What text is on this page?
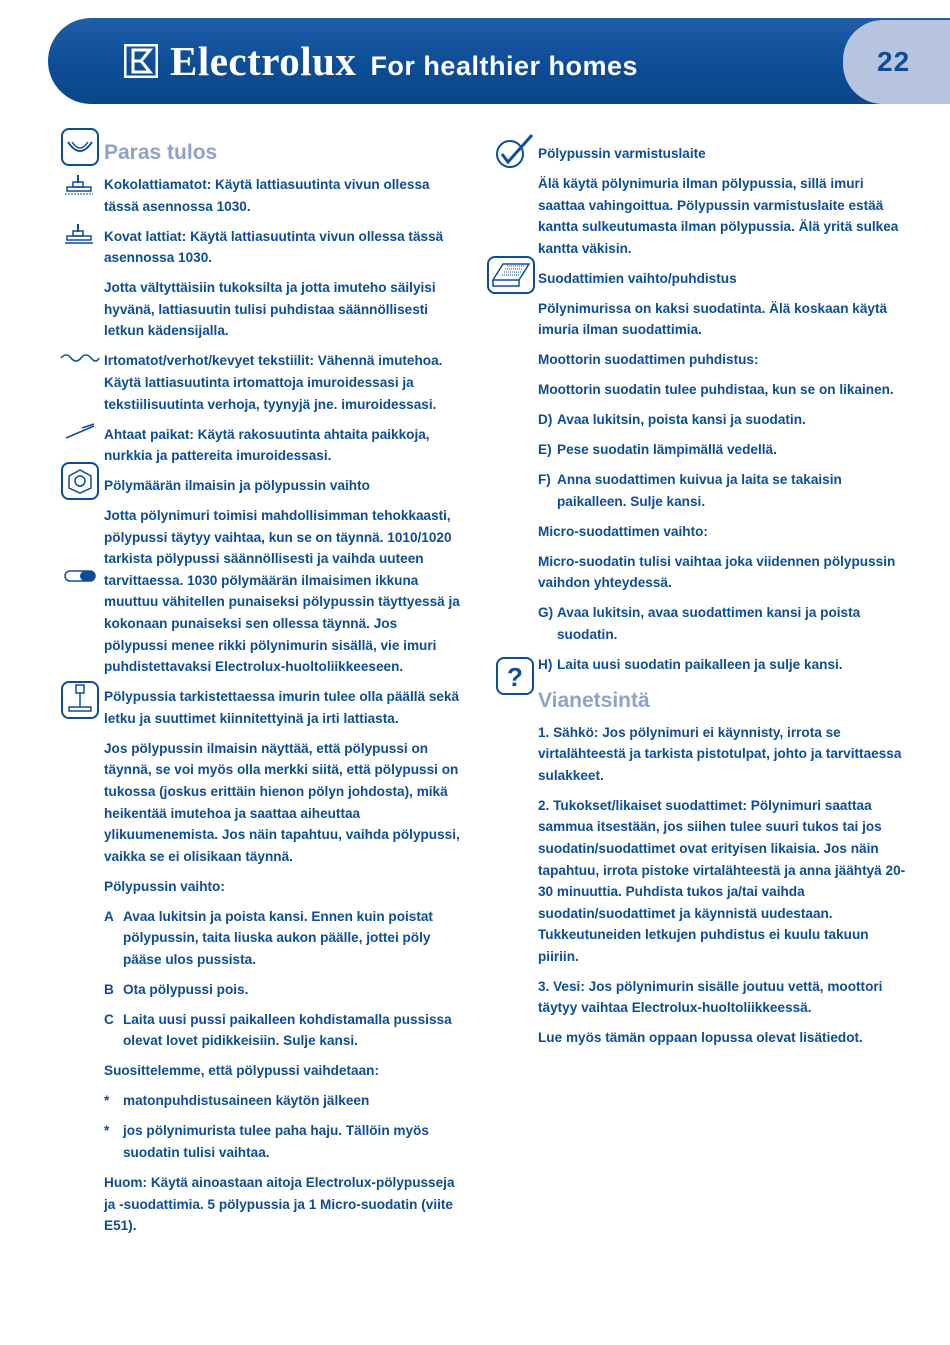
Electrolux For healthier homes	22
?

Paras tulos

Kokolattiamatot: Käytä lattiasuutinta vivun ollessa tässä asennossa 1030.

Kovat lattiat: Käytä lattiasuutinta vivun ollessa tässä asennossa 1030.

Jotta vältyttäisiin tukoksilta ja jotta imuteho säilyisi hyvänä, lattiasuutin tulisi puhdistaa säännöllisesti letkun kädensijalla.

Irtomatot/verhot/kevyet tekstiilit: Vähennä imutehoa. Käytä lattiasuutinta irtomattoja imuroidessasi ja tekstiilisuutinta verhoja, tyynyjä jne. imuroidessasi.

Ahtaat paikat: Käytä rakosuutinta ahtaita paikkoja, nurkkia ja pattereita imuroidessasi.

Pölymäärän ilmaisin ja pölypussin vaihto

Jotta pölynimuri toimisi mahdollisimman tehokkaasti, pölypussi täytyy vaihtaa, kun se on täynnä. 1010/1020 tarkista pölypussi säännöllisesti ja vaihda uuteen tarvittaessa. 1030 pölymäärän ilmaisimen ikkuna muuttuu vähitellen punaiseksi pölypussin täyttyessä ja kokonaan punaiseksi sen ollessa täynnä. Jos pölypussi menee rikki pölynimurin sisällä, vie imuri puhdistettavaksi Electrolux-huoltoliikkeeseen.

Pölypussia tarkistettaessa imurin tulee olla päällä sekä letku ja suuttimet kiinnitettyinä ja irti lattiasta.

Jos pölypussin ilmaisin näyttää, että pölypussi on täynnä, se voi myös olla merkki siitä, että pölypussi on tukossa (joskus erittäin hienon pölyn johdosta), mikä heikentää imutehoa ja saattaa aiheuttaa ylikuumenemista. Jos näin tapahtuu, vaihda pölypussi, vaikka se ei olisikaan täynnä.

Pölypussin vaihto:

A Avaa lukitsin ja poista kansi. Ennen kuin poistat pölypussin, taita liuska aukon päälle, jottei pöly pääse ulos pussista.

B Ota pölypussi pois.

C Laita uusi pussi paikalleen kohdistamalla pussissa olevat lovet pidikkeisiin. Sulje kansi.

Suosittelemme, että pölypussi vaihdetaan:

*	matonpuhdistusaineen käytön jälkeen

*	jos pölynimurista tulee paha haju. Tällöin myös suodatin tulisi vaihtaa.

Huom: Käytä ainoastaan aitoja Electrolux-pölypusseja ja -suodattimia. 5 pölypussia ja 1 Micro-suodatin (viite E51).

Pölypussin varmistuslaite

Älä käytä pölynimuria ilman pölypussia, sillä imuri saattaa vahingoittua. Pölypussin varmistuslaite estää kantta sulkeutumasta ilman pölypussia. Älä yritä sulkea kantta väkisin.

Suodattimien vaihto/puhdistus

Pölynimurissa on kaksi suodatinta. Älä koskaan käytä imuria ilman suodattimia.

Moottorin suodattimen puhdistus:

Moottorin suodatin tulee puhdistaa, kun se on likainen.

D) Avaa lukitsin, poista kansi ja suodatin.

E) Pese suodatin lämpimällä vedellä.

F) Anna suodattimen kuivua ja laita se takaisin paikalleen. Sulje kansi.

Micro-suodattimen vaihto:

Micro-suodatin tulisi vaihtaa joka viidennen pölypussin vaihdon yhteydessä.

G) Avaa lukitsin, avaa suodattimen kansi ja poista suodatin.

H) Laita uusi suodatin paikalleen ja sulje kansi.

Vianetsintä

1. Sähkö: Jos pölynimuri ei käynnisty, irrota se virtalähteestä ja tarkista pistotulpat, johto ja tarvittaessa sulakkeet.

2. Tukokset/likaiset suodattimet: Pölynimuri saattaa sammua itsestään, jos siihen tulee suuri tukos tai jos suodatin/suodattimet ovat erityisen likaisia. Jos näin tapahtuu, irrota pistoke virtalähteestä ja anna jäähtyä 20-30 minuuttia. Puhdista tukos ja/tai vaihda suodatin/suodattimet ja käynnistä uudestaan. Tukkeutuneiden letkujen puhdistus ei kuulu takuun piiriin.

3. Vesi: Jos pölynimurin sisälle joutuu vettä, moottori täytyy vaihtaa Electrolux-huoltoliikkeessä.

Lue myös tämän oppaan lopussa olevat lisätiedot.
